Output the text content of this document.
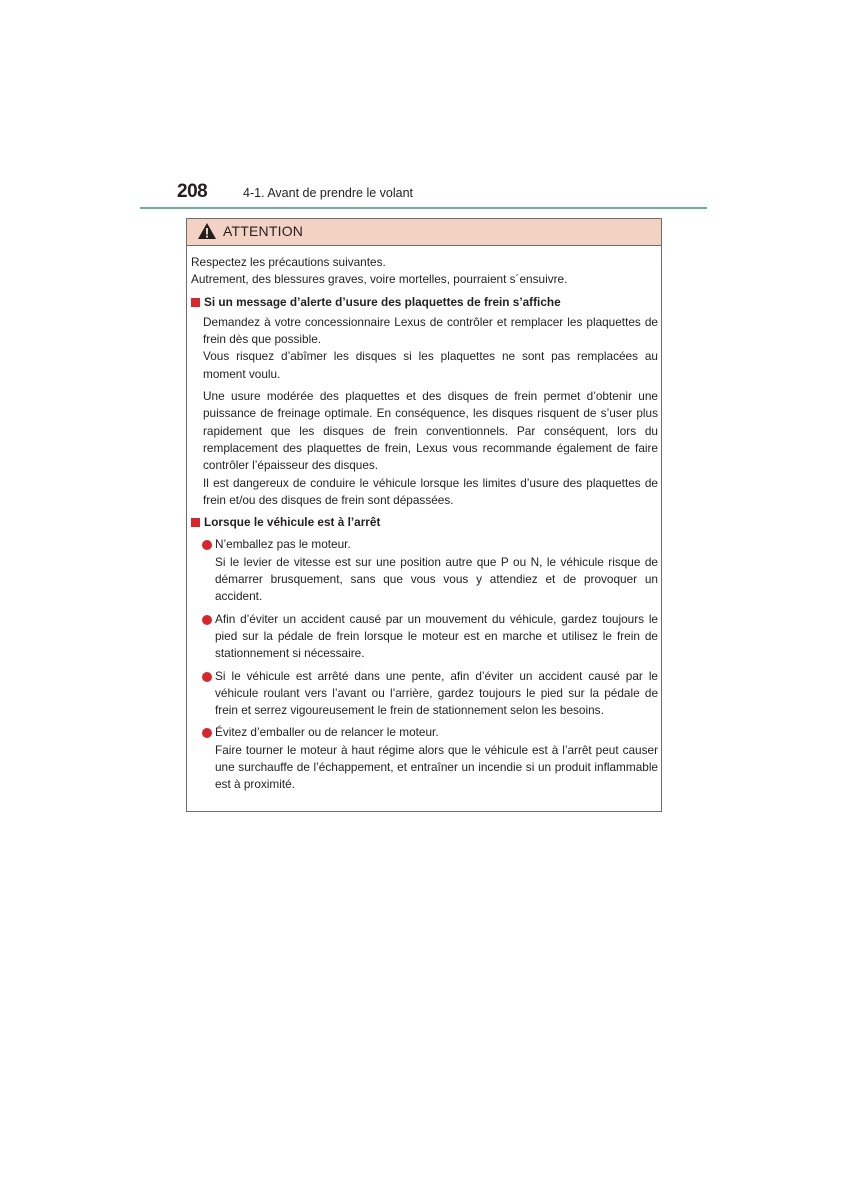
208	4-1. Avant de prendre le volant
ATTENTION

Respectez les précautions suivantes.

Autrement, des blessures graves, voire mortelles, pourraient s´ensuivre.

Si un message d’alerte d’usure des plaquettes de frein s’affiche

Demandez à votre concessionnaire Lexus de contrôler et remplacer les plaquettes de frein dès que possible.

Vous risquez d’abîmer les disques si les plaquettes ne sont pas remplacées au moment voulu.

Une usure modérée des plaquettes et des disques de frein permet d’obtenir une puissance de freinage optimale. En conséquence, les disques risquent de s’user plus rapidement que les disques de frein conventionnels. Par conséquent, lors du remplacement des plaquettes de frein, Lexus vous recommande également de faire contrôler l’épaisseur des disques.

Il est dangereux de conduire le véhicule lorsque les limites d’usure des plaquettes de frein et/ou des disques de frein sont dépassées.

Lorsque le véhicule est à l’arrêt

N’emballez pas le moteur.

Si le levier de vitesse est sur une position autre que P ou N, le véhicule risque de démarrer brusquement, sans que vous vous y attendiez et de provoquer un accident.

Afin d’éviter un accident causé par un mouvement du véhicule, gardez toujours le pied sur la pédale de frein lorsque le moteur est en marche et utilisez le frein de stationnement si nécessaire.

Si le véhicule est arrêté dans une pente, afin d’éviter un accident causé par le véhicule roulant vers l’avant ou l’arrière, gardez toujours le pied sur la pédale de frein et serrez vigoureusement le frein de stationnement selon les besoins.

Évitez d’emballer ou de relancer le moteur.

Faire tourner le moteur à haut régime alors que le véhicule est à l’arrêt peut causer une surchauffe de l’échappement, et entraîner un incendie si un produit inflammable est à proximité.
